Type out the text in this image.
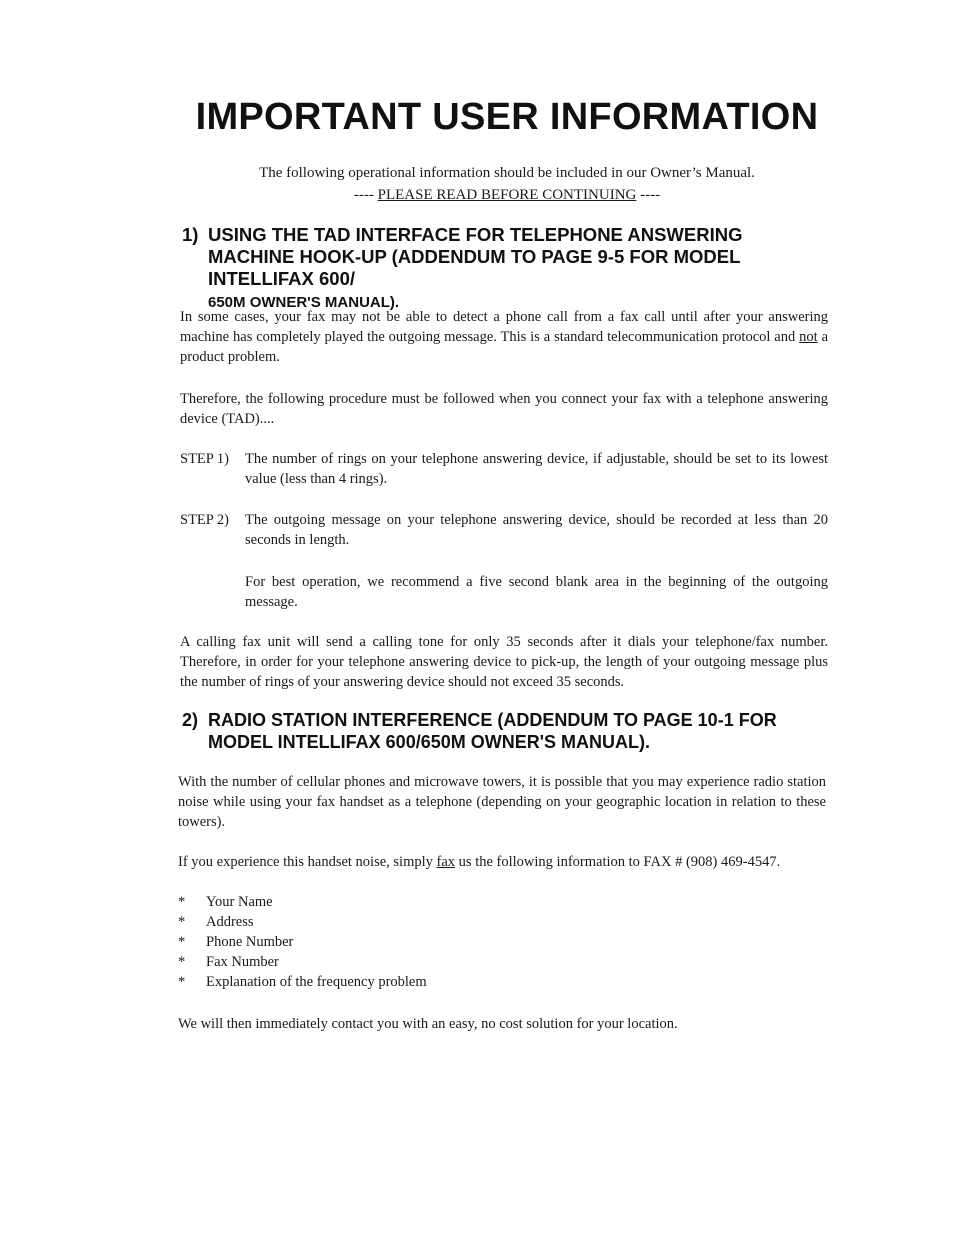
IMPORTANT USER INFORMATION
The following operational information should be included in our Owner’s Manual.
---- PLEASE READ BEFORE CONTINUING ----
1) USING THE TAD INTERFACE FOR TELEPHONE ANSWERING MACHINE HOOK-UP (ADDENDUM TO PAGE 9-5 FOR MODEL INTELLIFAX 600/
650M OWNER'S MANUAL).

In some cases, your fax may not be able to detect a phone call from a fax call until after your answering machine has completely played the outgoing message. This is a standard telecommunication protocol and not a product problem.

Therefore, the following procedure must be followed when you connect your fax with a telephone answering device (TAD)....

STEP 1)	The number of rings on your telephone answering device, if adjustable, should be set to its lowest value (less than 4 rings).
STEP 2)	The outgoing message on your telephone answering device, should be recorded at less than 20 seconds in length.
For best operation, we recommend a five second blank area in the beginning of the outgoing message.

A calling fax unit will send a calling tone for only 35 seconds after it dials your telephone/fax number. Therefore, in order for your telephone answering device to pick-up, the length of your outgoing message plus the number of rings of your answering device should not exceed 35 seconds.

2) RADIO STATION INTERFERENCE (ADDENDUM TO PAGE 10-1 FOR MODEL INTELLIFAX 600/650M OWNER'S MANUAL).

With the number of cellular phones and microwave towers, it is possible that you may experience radio station noise while using your fax handset as a telephone (depending on your geographic location in relation to these towers).

If you experience this handset noise, simply fax us the following information to FAX # (908) 469-4547.

* Your Name
* Address
* Phone Number
* Fax Number
* Explanation of the frequency problem

We will then immediately contact you with an easy, no cost solution for your location.
